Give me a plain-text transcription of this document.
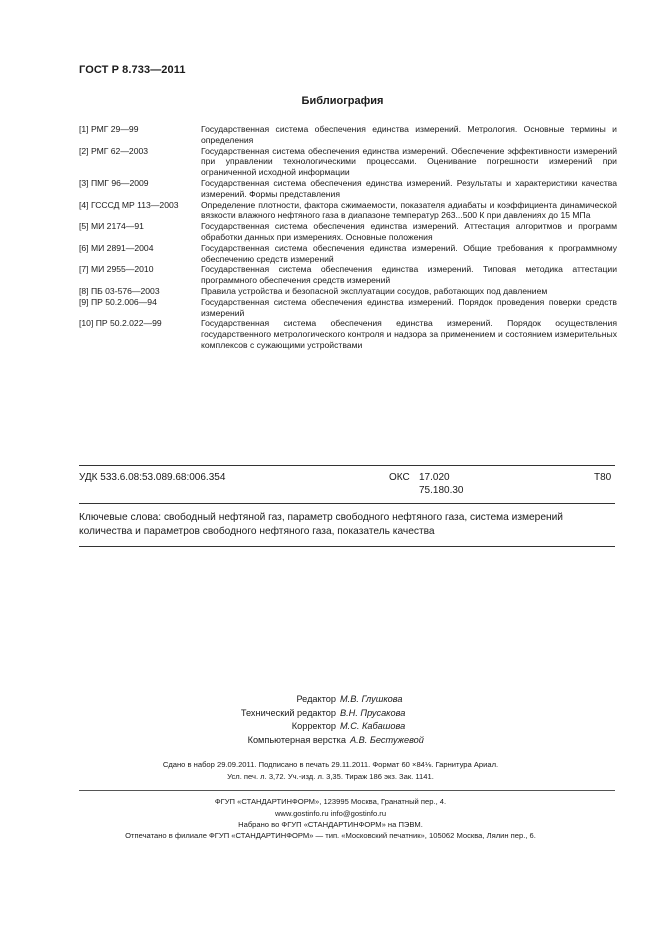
ГОСТ Р 8.733—2011
Библиография
[1] РМГ 29—99	Государственная система обеспечения единства измерений. Метрология. Основные термины и определения
[2] РМГ 62—2003	Государственная система обеспечения единства измерений. Обеспечение эффективности измерений при управлении технологическими процессами. Оценивание погрешности измерений при ограниченной исходной информации
[3] ПМГ 96—2009	Государственная система обеспечения единства измерений. Результаты и характеристики качества измерений. Формы представления
[4] ГСССД МР 113—2003	Определение плотности, фактора сжимаемости, показателя адиабаты и коэффициента динамической вязкости влажного нефтяного газа в диапазоне температур 263...500 К при давлениях до 15 МПа
[5] МИ 2174—91	Государственная система обеспечения единства измерений. Аттестация алгоритмов и программ обработки данных при измерениях. Основные положения
[6] МИ 2891—2004	Государственная система обеспечения единства измерений. Общие требования к программному обеспечению средств измерений
[7] МИ 2955—2010	Государственная система обеспечения единства измерений. Типовая методика аттестации программного обеспечения средств измерений
[8] ПБ 03-576—2003	Правила устройства и безопасной эксплуатации сосудов, работающих под давлением
[9] ПР 50.2.006—94	Государственная система обеспечения единства измерений. Порядок проведения поверки средств измерений
[10] ПР 50.2.022—99	Государственная система обеспечения единства измерений. Порядок осуществления государственного метрологического контроля и надзора за применением и состоянием измерительных комплексов с сужающими устройствами
УДК 533.6.08:53.089.68:006.354	ОКС 17.020
75.180.30
Т80
Ключевые слова: свободный нефтяной газ, параметр свободного нефтяного газа, система измерений количества и параметров свободного нефтяного газа, показатель качества
Редактор М.В. Глушкова
Технический редактор В.Н. Прусакова
Корректор М.С. Кабашова
Компьютерная верстка А.В. Бестужевой
Сдано в набор 29.09.2011. Подписано в печать 29.11.2011. Формат 60 ×84⅛. Гарнитура Ариал.
Усл. печ. л. 3,72. Уч.-изд. л. 3,35. Тираж 186 экз. Зак. 1141.
ФГУП «СТАНДАРТИНФОРМ», 123995 Москва, Гранатный пер., 4.
www.gostinfo.ru info@gostinfo.ru
Набрано во ФГУП «СТАНДАРТИНФОРМ» на ПЭВМ.
Отпечатано в филиале ФГУП «СТАНДАРТИНФОРМ» — тип. «Московский печатник», 105062 Москва, Лялин пер., 6.
